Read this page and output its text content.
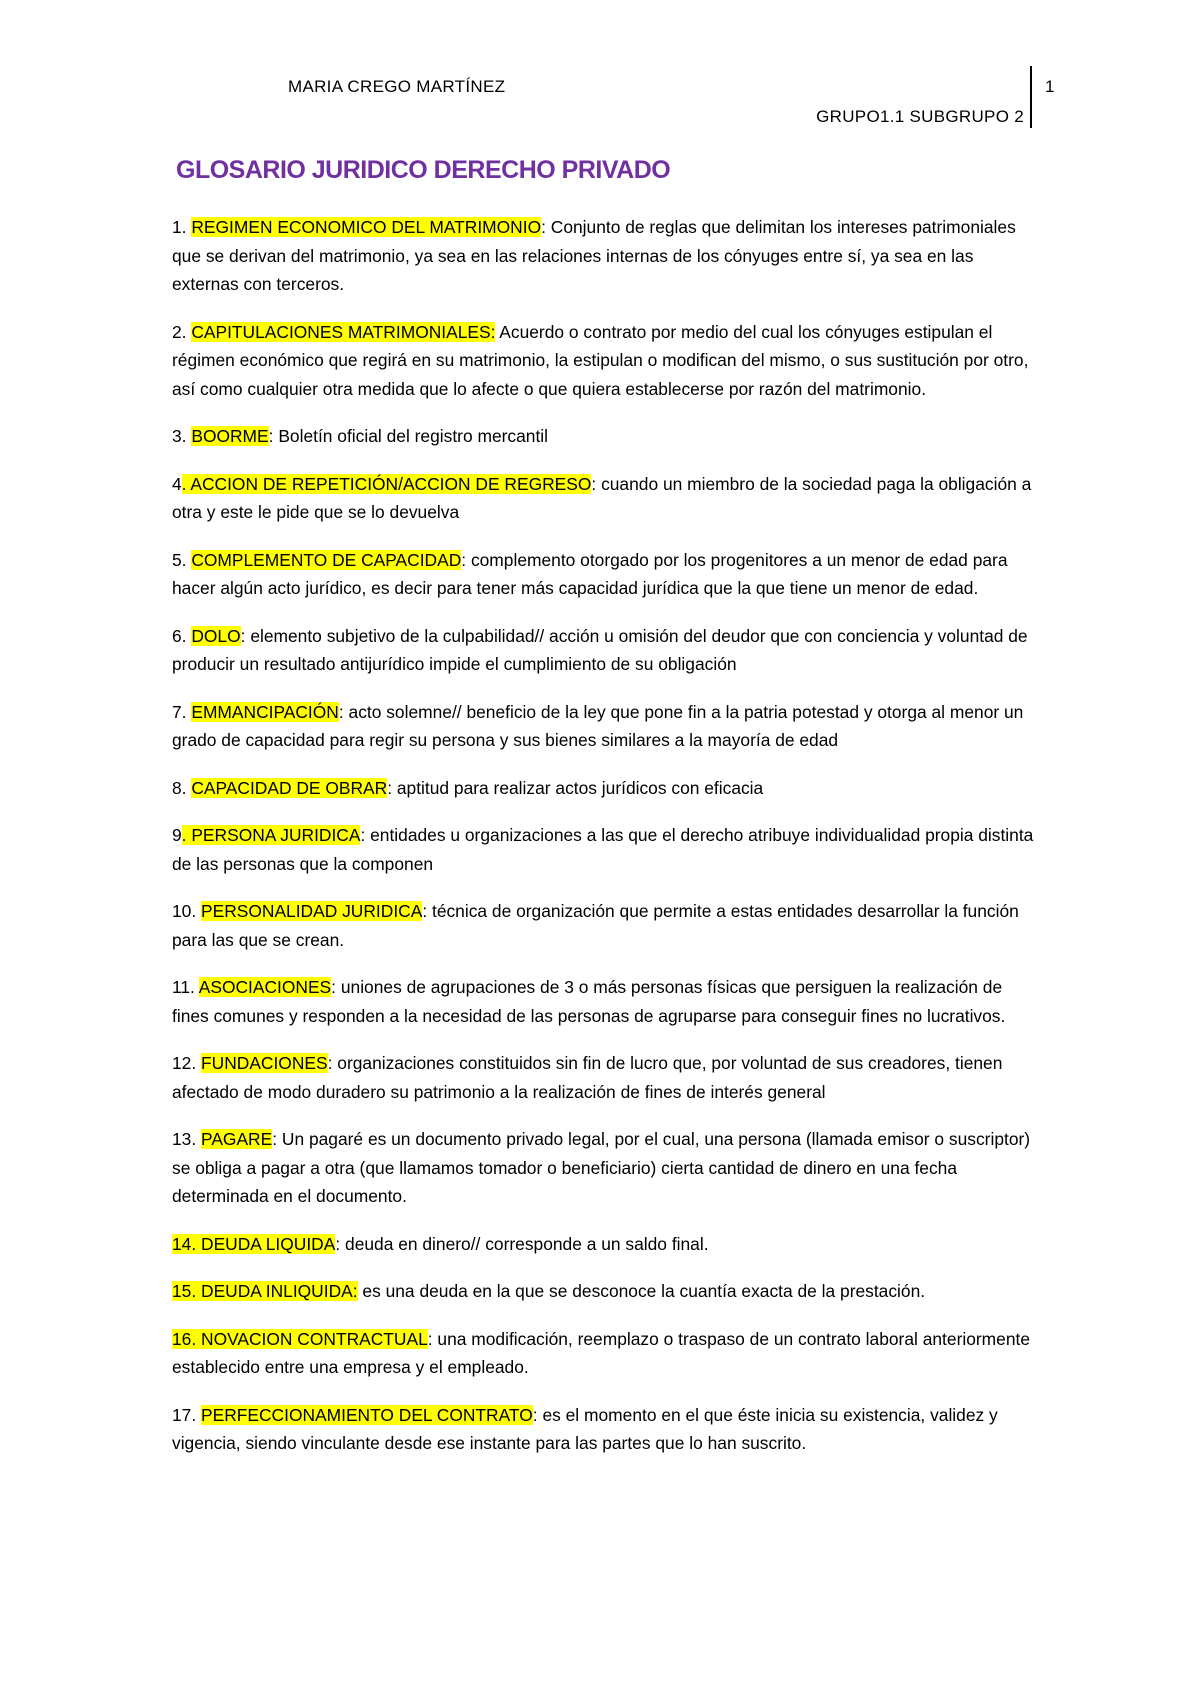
MARIA CREGO MARTÍNEZ	1
GRUPO1.1 SUBGRUPO 2
GLOSARIO JURIDICO DERECHO PRIVADO
1. REGIMEN ECONOMICO DEL MATRIMONIO: Conjunto de reglas que delimitan los intereses patrimoniales que se derivan del matrimonio, ya sea en las relaciones internas de los cónyuges entre sí, ya sea en las externas con terceros.
2. CAPITULACIONES MATRIMONIALES: Acuerdo o contrato por medio del cual los cónyuges estipulan el régimen económico que regirá en su matrimonio, la estipulan o modifican del mismo, o sus sustitución por otro, así como cualquier otra medida que lo afecte o que quiera establecerse por razón del matrimonio.
3. BOORME: Boletín oficial del registro mercantil
4. ACCION DE REPETICIÓN/ACCION DE REGRESO: cuando un miembro de la sociedad paga la obligación a otra y este le pide que se lo devuelva
5. COMPLEMENTO DE CAPACIDAD: complemento otorgado por los progenitores a un menor de edad para hacer algún acto jurídico, es decir para tener más capacidad jurídica que la que tiene un menor de edad.
6. DOLO: elemento subjetivo de la culpabilidad// acción u omisión del deudor que con conciencia y voluntad de producir un resultado antijurídico impide el cumplimiento de su obligación
7. EMMANCIPACIÓN: acto solemne// beneficio de la ley que pone fin a la patria potestad y otorga al menor un grado de capacidad para regir su persona y sus bienes similares a la mayoría de edad
8. CAPACIDAD DE OBRAR: aptitud para realizar actos jurídicos con eficacia
9. PERSONA JURIDICA: entidades u organizaciones a las que el derecho atribuye individualidad propia distinta de las personas que la componen
10. PERSONALIDAD JURIDICA: técnica de organización que permite a estas entidades desarrollar la función para las que se crean.
11. ASOCIACIONES: uniones de agrupaciones de 3 o más personas físicas que persiguen la realización de fines comunes y responden a la necesidad de las personas de agruparse para conseguir fines no lucrativos.
12. FUNDACIONES: organizaciones constituidos sin fin de lucro que, por voluntad de sus creadores, tienen afectado de modo duradero su patrimonio a la realización de fines de interés general
13. PAGARE: Un pagaré es un documento privado legal, por el cual, una persona (llamada emisor o suscriptor) se obliga a pagar a otra (que llamamos tomador o beneficiario) cierta cantidad de dinero en una fecha determinada en el documento.
14. DEUDA LIQUIDA: deuda en dinero// corresponde a un saldo final.
15. DEUDA INLIQUIDA: es una deuda en la que se desconoce la cuantía exacta de la prestación.
16. NOVACION CONTRACTUAL: una modificación, reemplazo o traspaso de un contrato laboral anteriormente establecido entre una empresa y el empleado.
17. PERFECCIONAMIENTO DEL CONTRATO: es el momento en el que éste inicia su existencia, validez y vigencia, siendo vinculante desde ese instante para las partes que lo han suscrito.
